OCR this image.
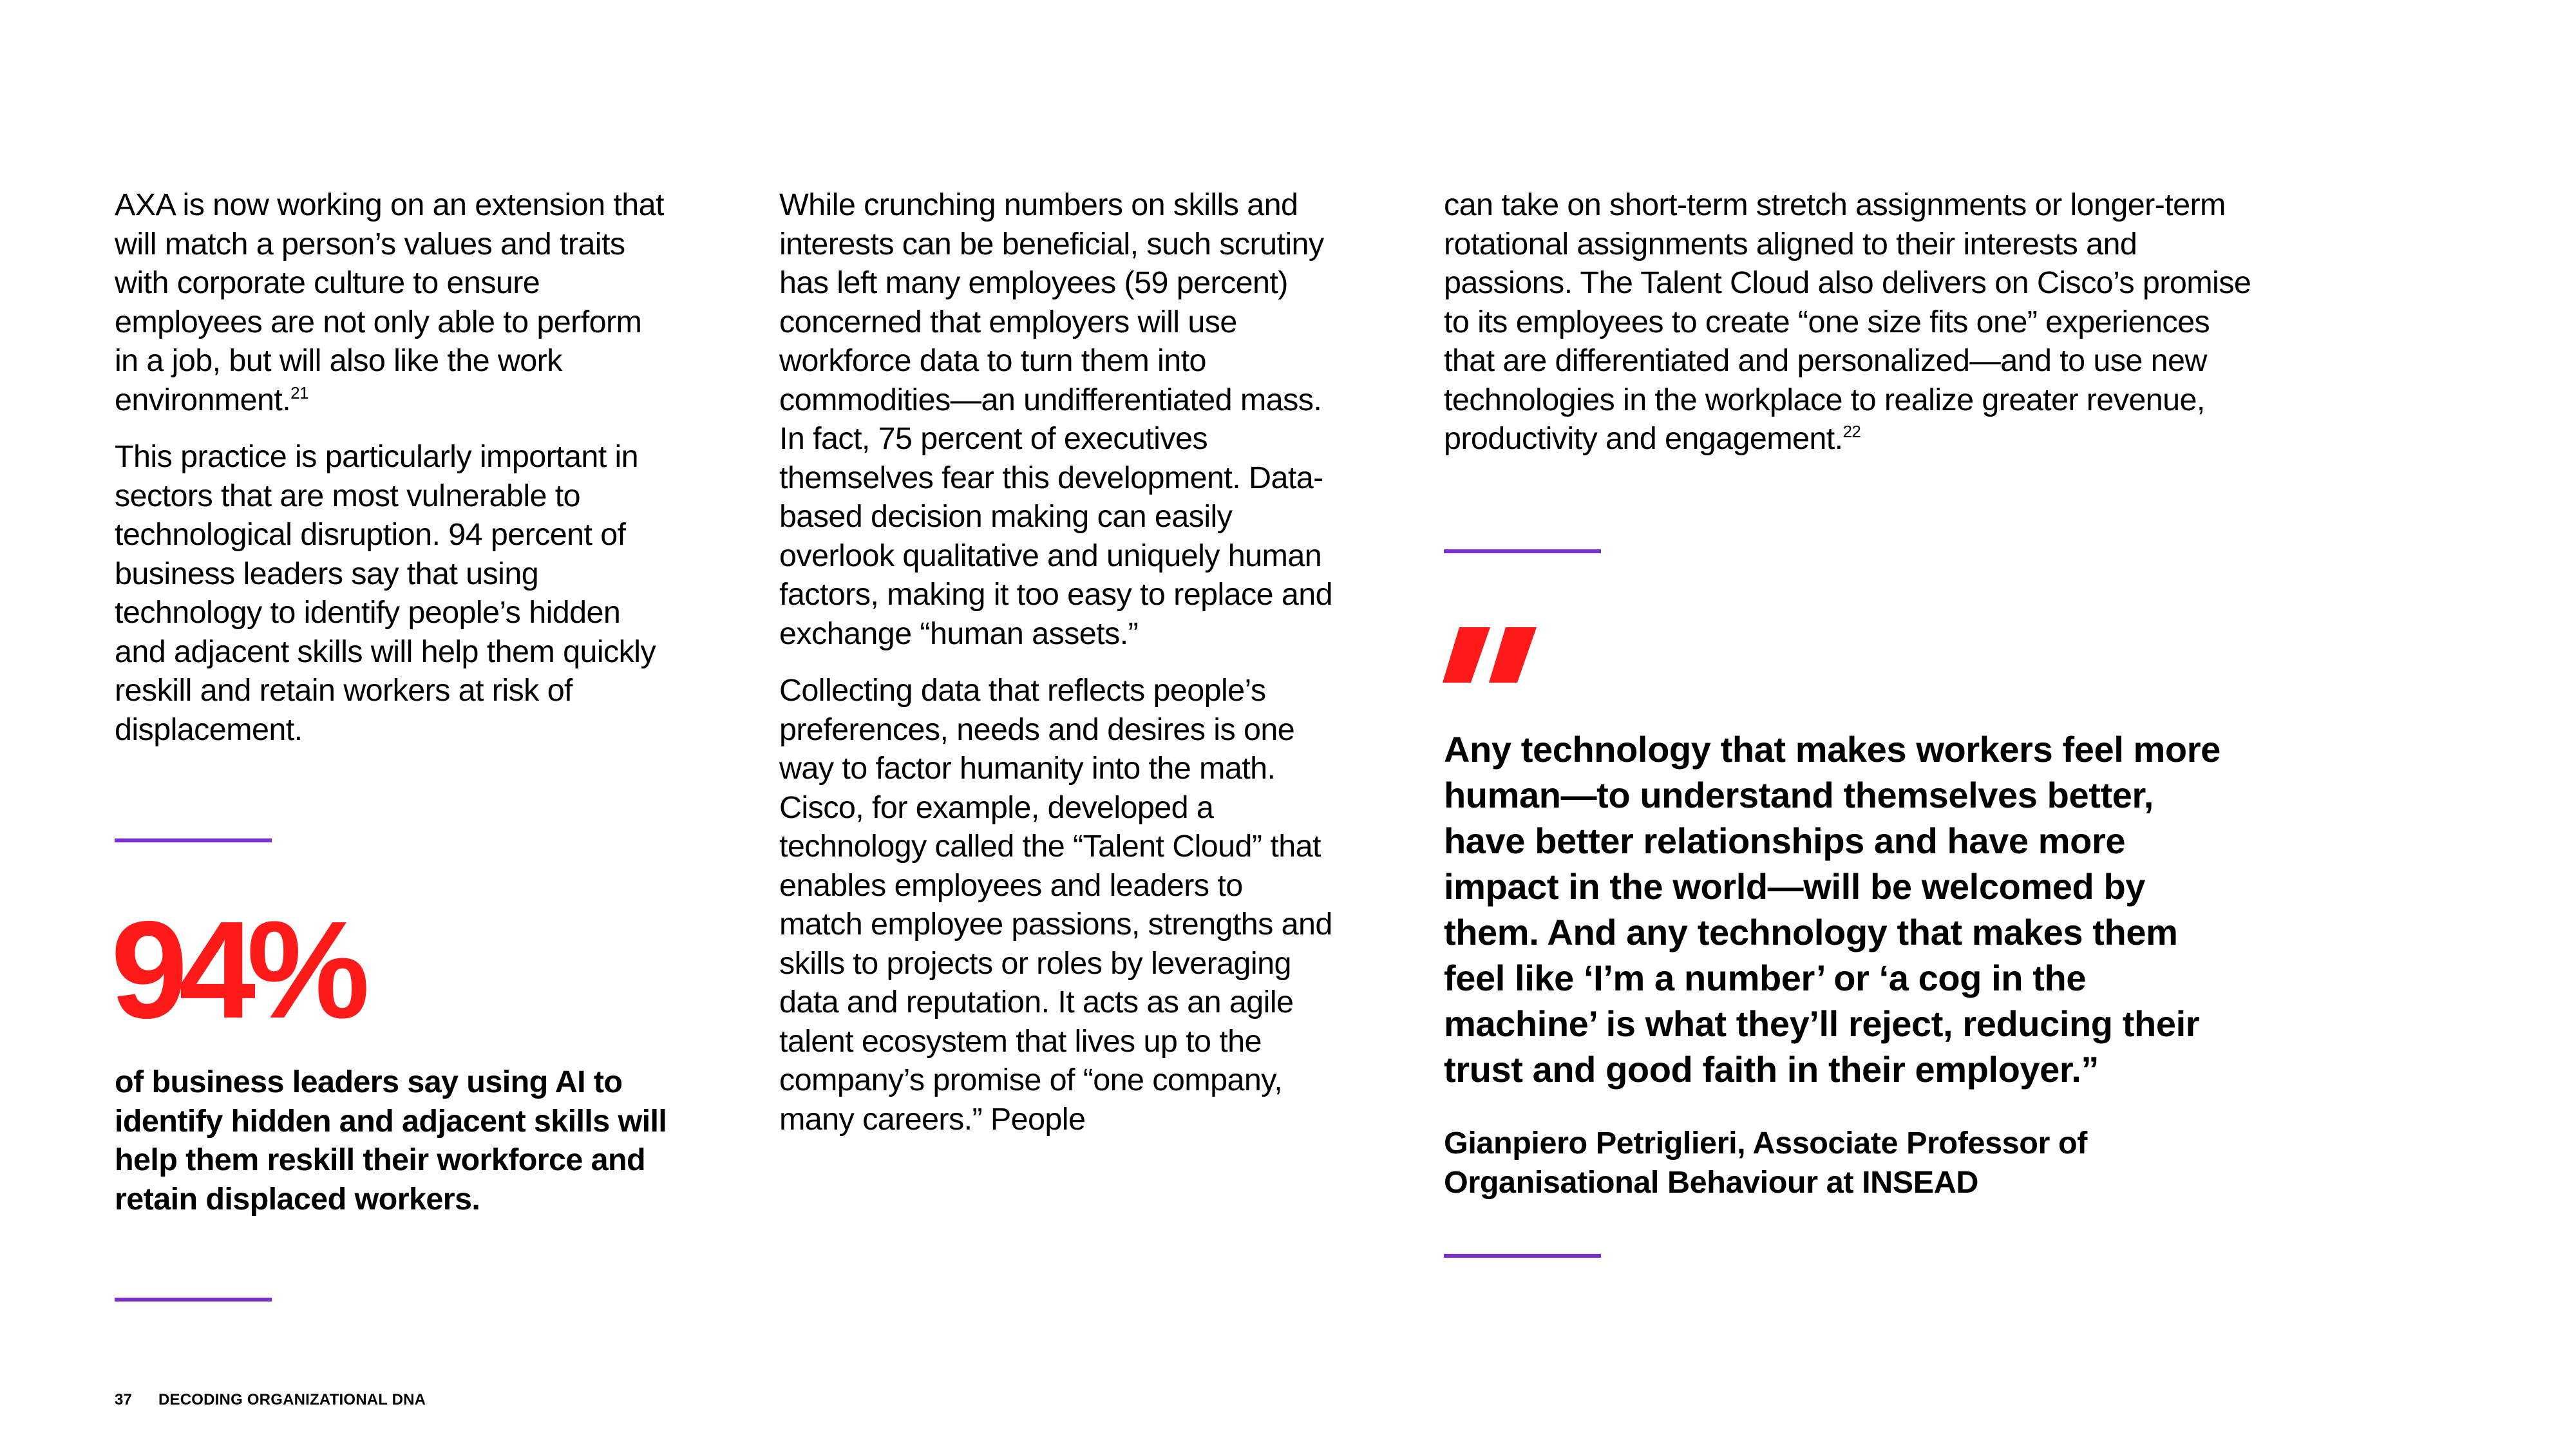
AXA is now working on an extension that will match a person’s values and traits with corporate culture to ensure employees are not only able to perform in a job, but will also like the work environment.$^{21}$

This practice is particularly important in sectors that are most vulnerable to technological disruption. 94 percent of business leaders say that using technology to identify people’s hidden and adjacent skills will help them quickly reskill and retain workers at risk of displacement.

94%

of business leaders say using AI to identify hidden and adjacent skills will help them reskill their workforce and retain displaced workers.

While crunching numbers on skills and interests can be beneficial, such scrutiny has left many employees (59 percent) concerned that employers will use workforce data to turn them into commodities—an undifferentiated mass. In fact, 75 percent of executives themselves fear this development. Data-based decision making can easily overlook qualitative and uniquely human factors, making it too easy to replace and exchange “human assets.”

Collecting data that reflects people’s preferences, needs and desires is one way to factor humanity into the math. Cisco, for example, developed a technology called the “Talent Cloud” that enables employees and leaders to match employee passions, strengths and skills to projects or roles by leveraging data and reputation. It acts as an agile talent ecosystem that lives up to the company’s promise of “one company, many careers.” People

can take on short-term stretch assignments or longer-term rotational assignments aligned to their interests and passions. The Talent Cloud also delivers on Cisco’s promise to its employees to create “one size fits one” experiences that are differentiated and personalized—and to use new technologies in the workplace to realize greater revenue, productivity and engagement.$^{22}$

Any technology that makes workers feel more human—to understand themselves better, have better relationships and have more impact in the world—will be welcomed by them. And any technology that makes them feel like ‘I’m a number’ or ‘a cog in the machine’ is what they’ll reject, reducing their trust and good faith in their employer.”

Gianpiero Petriglieri, Associate Professor of Organisational Behaviour at INSEAD

37 DECODING ORGANIZATIONAL DNA
